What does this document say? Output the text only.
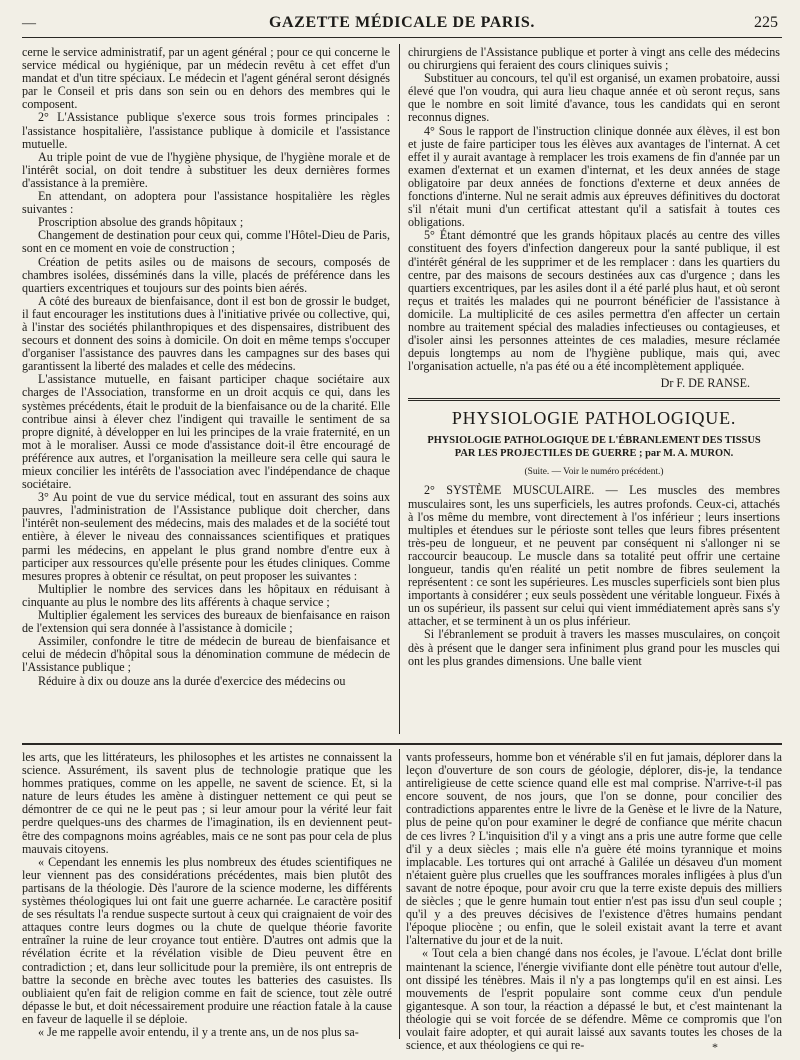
—	GAZETTE MÉDICALE DE PARIS.	225

cerne le service administratif, par un agent général ; pour ce qui concerne le service médical ou hygiénique, par un médecin revêtu à cet effet d'un mandat et d'un titre spéciaux. Le médecin et l'agent général seront désignés par le Conseil et pris dans son sein ou en dehors des membres qui le composent.

2° L'Assistance publique s'exerce sous trois formes principales : l'assistance hospitalière, l'assistance publique à domicile et l'assistance mutuelle.

Au triple point de vue de l'hygiène physique, de l'hygiène morale et de l'intérêt social, on doit tendre à substituer les deux dernières formes d'assistance à la première.

En attendant, on adoptera pour l'assistance hospitalière les règles suivantes :

Proscription absolue des grands hôpitaux ;

Changement de destination pour ceux qui, comme l'Hôtel-Dieu de Paris, sont en ce moment en voie de construction ;

Création de petits asiles ou de maisons de secours, composés de chambres isolées, disséminés dans la ville, placés de préférence dans les quartiers excentriques et toujours sur des points bien aérés.

A côté des bureaux de bienfaisance, dont il est bon de grossir le budget, il faut encourager les institutions dues à l'initiative privée ou collective, qui, à l'instar des sociétés philanthropiques et des dispensaires, distribuent des secours et donnent des soins à domicile. On doit en même temps s'occuper d'organiser l'assistance des pauvres dans les campagnes sur des bases qui garantissent la liberté des malades et celle des médecins.

L'assistance mutuelle, en faisant participer chaque sociétaire aux charges de l'Association, transforme en un droit acquis ce qui, dans les systèmes précédents, était le produit de la bienfaisance ou de la charité. Elle contribue ainsi à élever chez l'indigent qui travaille le sentiment de sa propre dignité, à développer en lui les principes de la vraie fraternité, en un mot à le moraliser. Aussi ce mode d'assistance doit-il être encouragé de préférence aux autres, et l'organisation la meilleure sera celle qui saura le mieux concilier les intérêts de l'association avec l'indépendance de chaque sociétaire.

3° Au point de vue du service médical, tout en assurant des soins aux pauvres, l'administration de l'Assistance publique doit chercher, dans l'intérêt non-seulement des médecins, mais des malades et de la société tout entière, à élever le niveau des connaissances scientifiques et pratiques parmi les médecins, en appelant le plus grand nombre d'entre eux à participer aux ressources qu'elle présente pour les études cliniques. Comme mesures propres à obtenir ce résultat, on peut proposer les suivantes :

Multiplier le nombre des services dans les hôpitaux en réduisant à cinquante au plus le nombre des lits afférents à chaque service ;

Multiplier également les services des bureaux de bienfaisance en raison de l'extension qui sera donnée à l'assistance à domicile ;

Assimiler, confondre le titre de médecin de bureau de bienfaisance et celui de médecin d'hôpital sous la dénomination commune de médecin de l'Assistance publique ;

Réduire à dix ou douze ans la durée d'exercice des médecins ou

chirurgiens de l'Assistance publique et porter à vingt ans celle des médecins ou chirurgiens qui feraient des cours cliniques suivis ;

Substituer au concours, tel qu'il est organisé, un examen probatoire, aussi élevé que l'on voudra, qui aura lieu chaque année et où seront reçus, sans que le nombre en soit limité d'avance, tous les candidats qui en seront reconnus dignes.

4° Sous le rapport de l'instruction clinique donnée aux élèves, il est bon et juste de faire participer tous les élèves aux avantages de l'internat. A cet effet il y aurait avantage à remplacer les trois examens de fin d'année par un examen d'externat et un examen d'internat, et les deux années de stage obligatoire par deux années de fonctions d'externe et deux années de fonctions d'interne. Nul ne serait admis aux épreuves définitives du doctorat s'il n'était muni d'un certificat attestant qu'il a satisfait à toutes ces obligations.

5° Étant démontré que les grands hôpitaux placés au centre des villes constituent des foyers d'infection dangereux pour la santé publique, il est d'intérêt général de les supprimer et de les remplacer : dans les quartiers du centre, par des maisons de secours destinées aux cas d'urgence ; dans les quartiers excentriques, par les asiles dont il a été parlé plus haut, et où seront reçus et traités les malades qui ne pourront bénéficier de l'assistance à domicile. La multiplicité de ces asiles permettra d'en affecter un certain nombre au traitement spécial des maladies infectieuses ou contagieuses, et d'isoler ainsi les personnes atteintes de ces maladies, mesure réclamée depuis longtemps au nom de l'hygiène publique, mais qui, avec l'organisation actuelle, n'a pas été ou a été incomplètement appliquée.

Dr F. DE RANSE.
PHYSIOLOGIE PATHOLOGIQUE.
PHYSIOLOGIE PATHOLOGIQUE DE L'ÉBRANLEMENT DES TISSUS PAR LES PROJECTILES DE GUERRE ; par M. A. MURON.
(Suite. — Voir le numéro précédent.)

2° SYSTÈME MUSCULAIRE. — Les muscles des membres musculaires sont, les uns superficiels, les autres profonds. Ceux-ci, attachés à l'os même du membre, vont directement à l'os inférieur ; leurs insertions multiples et étendues sur le périoste sont telles que leurs fibres présentent très-peu de longueur, et ne peuvent par conséquent ni s'allonger ni se raccourcir beaucoup. Le muscle dans sa totalité peut offrir une certaine longueur, tandis qu'en réalité un petit nombre de fibres seulement la représentent : ce sont les supérieures. Les muscles superficiels sont bien plus importants à considérer ; eux seuls possèdent une véritable longueur. Fixés à un os supérieur, ils passent sur celui qui vient immédiatement après sans s'y attacher, et se terminent à un os plus inférieur.

Si l'ébranlement se produit à travers les masses musculaires, on conçoit dès à présent que le danger sera infiniment plus grand pour les muscles qui ont les plus grandes dimensions. Une balle vient

les arts, que les littérateurs, les philosophes et les artistes ne connaissent la science. Assurément, ils savent plus de technologie pratique que les hommes pratiques, comme on les appelle, ne savent de science. Et, si la nature de leurs études les amène à distinguer nettement ce qui peut se démontrer de ce qui ne le peut pas ; si leur amour pour la vérité leur fait perdre quelques-uns des charmes de l'imagination, ils en deviennent peut-être des compagnons moins agréables, mais ce ne sont pas pour cela de plus mauvais citoyens.

« Cependant les ennemis les plus nombreux des études scientifiques ne leur viennent pas des considérations précédentes, mais bien plutôt des partisans de la théologie. Dès l'aurore de la science moderne, les différents systèmes théologiques lui ont fait une guerre acharnée. Le caractère positif de ses résultats l'a rendue suspecte surtout à ceux qui craignaient de voir des attaques contre leurs dogmes ou la chute de quelque théorie favorite entraîner la ruine de leur croyance tout entière. D'autres ont admis que la révélation écrite et la révélation visible de Dieu peuvent être en contradiction ; et, dans leur sollicitude pour la première, ils ont entrepris de battre la seconde en brèche avec toutes les batteries des casuistes. Ils oubliaient qu'en fait de religion comme en fait de science, tout zèle outré dépasse le but, et doit nécessairement produire une réaction fatale à la cause en faveur de laquelle il se déploie.

« Je me rappelle avoir entendu, il y a trente ans, un de nos plus sa-

vants professeurs, homme bon et vénérable s'il en fut jamais, déplorer dans la leçon d'ouverture de son cours de géologie, déplorer, dis-je, la tendance antireligieuse de cette science quand elle est mal comprise. N'arrive-t-il pas encore souvent, de nos jours, que l'on se donne, pour concilier des contradictions apparentes entre le livre de la Genèse et le livre de la Nature, plus de peine qu'on pour examiner le degré de confiance que mérite chacun de ces livres ? L'inquisition d'il y a vingt ans a pris une autre forme que celle d'il y a deux siècles ; mais elle n'a guère été moins tyrannique et moins implacable. Les tortures qui ont arraché à Galilée un désaveu d'un moment n'étaient guère plus cruelles que les souffrances morales infligées à plus d'un savant de notre époque, pour avoir cru que la terre existe depuis des milliers de siècles ; que le genre humain tout entier n'est pas issu d'un seul couple ; qu'il y a des preuves décisives de l'existence d'êtres humains pendant l'époque pliocène ; ou enfin, que le soleil existait avant la terre et avant l'alternative du jour et de la nuit.

« Tout cela a bien changé dans nos écoles, je l'avoue. L'éclat dont brille maintenant la science, l'énergie vivifiante dont elle pénètre tout autour d'elle, ont dissipé les ténèbres. Mais il n'y a pas longtemps qu'il en est ainsi. Les mouvements de l'esprit populaire sont comme ceux d'un pendule gigantesque. A son tour, la réaction a dépassé le but, et c'est maintenant la théologie qui se voit forcée de se défendre. Même ce compromis que l'on voulait faire adopter, et qui aurait laissé aux savants toutes les choses de la science, et aux théologiens ce qui re-	*
